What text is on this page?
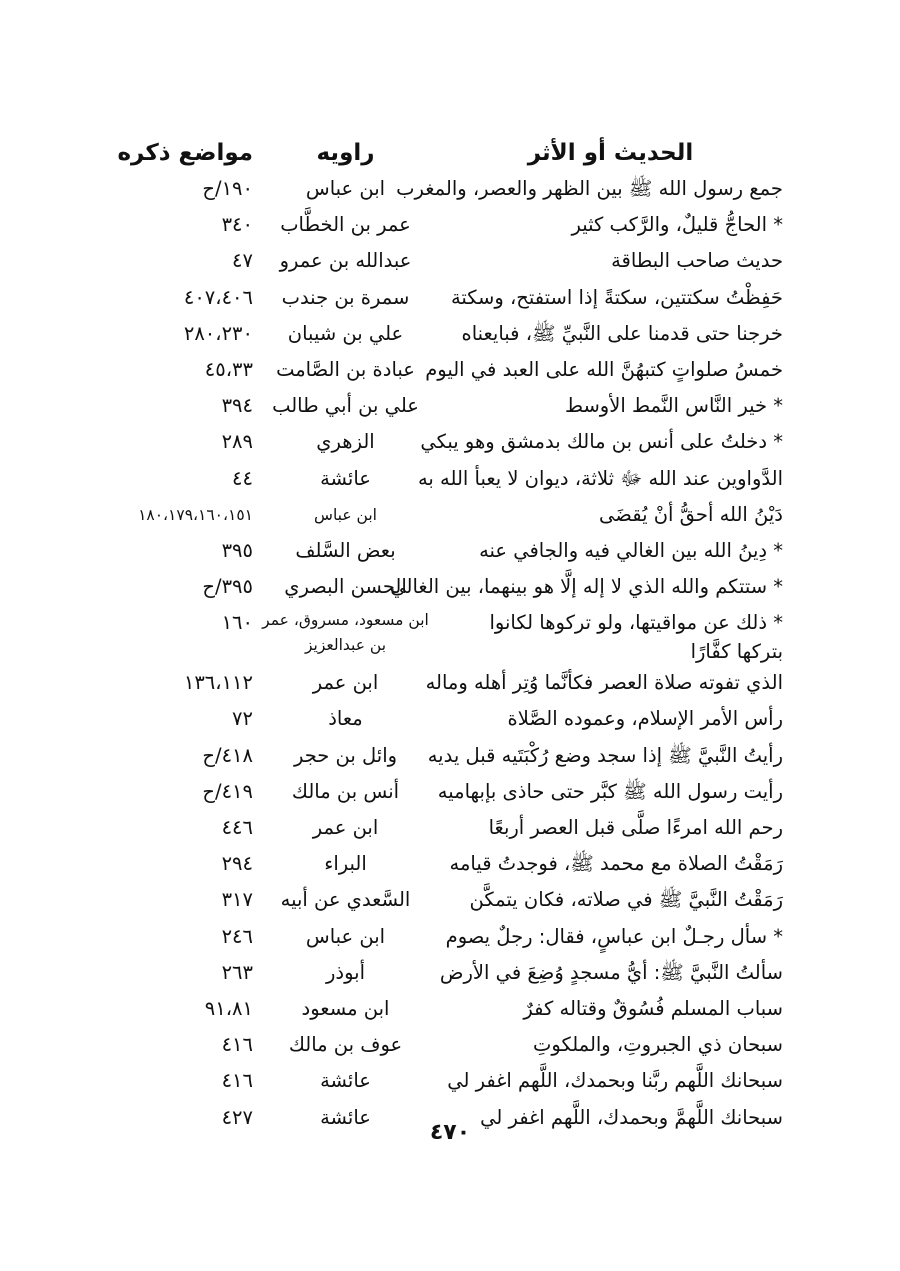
الحديث أو الأثر
راويه
مواضع ذكره
جمع رسول الله ﷺ بين الظهر والعصر، والمغرب
ابن عباس
١٩٠/ح
* الحاجُّ قليلٌ، والرَّكب كثير
عمر بن الخطَّاب
٣٤٠
حديث صاحب البطاقة
عبدالله بن عمرو
٤٧
حَفِظْتُ سكتتين، سكتةً إذا استفتح، وسكتة
سمرة بن جندب
٤٠٧،٤٠٦
خرجنا حتى قدمنا على النَّبيِّ ﷺ، فبايعناه
علي بن شيبان
٢٨٠،٢٣٠
خمسُ صلواتٍ كتبهُنَّ الله على العبد في اليوم
عبادة بن الصَّامت
٤٥،٣٣
* خير النَّاس النَّمط الأوسط
علي بن أبي طالب
٣٩٤
* دخلتُ على أنس بن مالك بدمشق وهو يبكي
الزهري
٢٨٩
الدَّواوين عند الله ﷻ ثلاثة، ديوان لا يعبأ الله به
عائشة
٤٤
دَيْنُ الله أحقُّ أنْ يُقضَى
ابن عباس
١٨٠،١٧٩،١٦٠،١٥١
* دِينُ الله بين الغالي فيه والجافي عنه
بعض السَّلف
٣٩٥
* ستتكم والله الذي لا إله إلَّا هو بينهما، بين الغالي
الحسن البصري
٣٩٥/ح
* ذلك عن مواقيتها، ولو تركوها لكانوا بتركها كفَّارًا
ابن مسعود، مسروق، عمر بن عبدالعزيز
١٦٠
الذي تفوته صلاة العصر فكأنَّما وُتِر أهله وماله
ابن عمر
١٣٦،١١٢
رأس الأمر الإسلام، وعموده الصَّلاة
معاذ
٧٢
رأيتُ النَّبيَّ ﷺ إذا سجد وضع رُكْبَتَيه قبل يديه
وائل بن حجر
٤١٨/ح
رأيت رسول الله ﷺ كبَّر حتى حاذى بإبهاميه
أنس بن مالك
٤١٩/ح
رحم الله امرءًا صلَّى قبل العصر أربعًا
ابن عمر
٤٤٦
رَمَقْتُ الصلاة مع محمد ﷺ، فوجدتُ قيامه
البراء
٢٩٤
رَمَقْتُ النَّبيَّ ﷺ في صلاته، فكان يتمكَّن
السَّعدي عن أبيه
٣١٧
* سأل رجـلٌ ابن عباسٍ، فقال: رجلٌ يصوم
ابن عباس
٢٤٦
سألتُ النَّبيَّ ﷺ: أيُّ مسجدٍ وُضِعَ في الأرض
أبوذر
٢٦٣
سباب المسلم فُسُوقٌ وقتاله كفرٌ
ابن مسعود
٩١،٨١
سبحان ذي الجبروتِ، والملكوتِ
عوف بن مالك
٤١٦
سبحانك اللَّهم ربَّنا وبحمدك، اللَّهم اغفر لي
عائشة
٤١٦
سبحانك اللَّهمَّ وبحمدك، اللَّهم اغفر لي
عائشة
٤٢٧
٤٧٠
